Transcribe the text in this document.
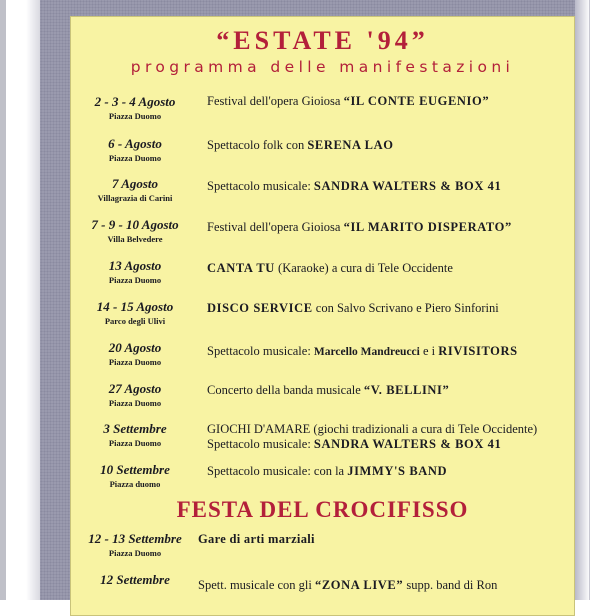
“ESTATE '94”
programma delle manifestazioni
2 - 3 - 4 Agosto
Piazza Duomo
Festival dell'opera Gioiosa “IL CONTE EUGENIO”
6 - Agosto
Piazza Duomo
Spettacolo folk con SERENA LAO
7 Agosto
Villagrazia di Carini
Spettacolo musicale: SANDRA WALTERS & BOX 41
7 - 9 - 10 Agosto
Villa Belvedere
Festival dell'opera Gioiosa “IL MARITO DISPERATO”
13 Agosto
Piazza Duomo
CANTA TU (Karaoke) a cura di Tele Occidente
14 - 15 Agosto
Parco degli Ulivi
DISCO SERVICE con Salvo Scrivano e Piero Sinforini
20 Agosto
Piazza Duomo
Spettacolo musicale: Marcello Mandreucci e i RIVISITORS
27 Agosto
Piazza Duomo
Concerto della banda musicale “V. BELLINI”
3 Settembre
Piazza Duomo
GIOCHI D'AMARE (giochi tradizionali a cura di Tele Occidente)
Spettacolo musicale: SANDRA WALTERS & BOX 41
10 Settembre
Piazza duomo
Spettacolo musicale: con la JIMMY'S BAND
FESTA DEL CROCIFISSO
12 - 13 Settembre
Piazza Duomo
Gare di arti marziali
12 Settembre	Spett. musicale con gli “ZONA LIVE” supp. band di Ron
